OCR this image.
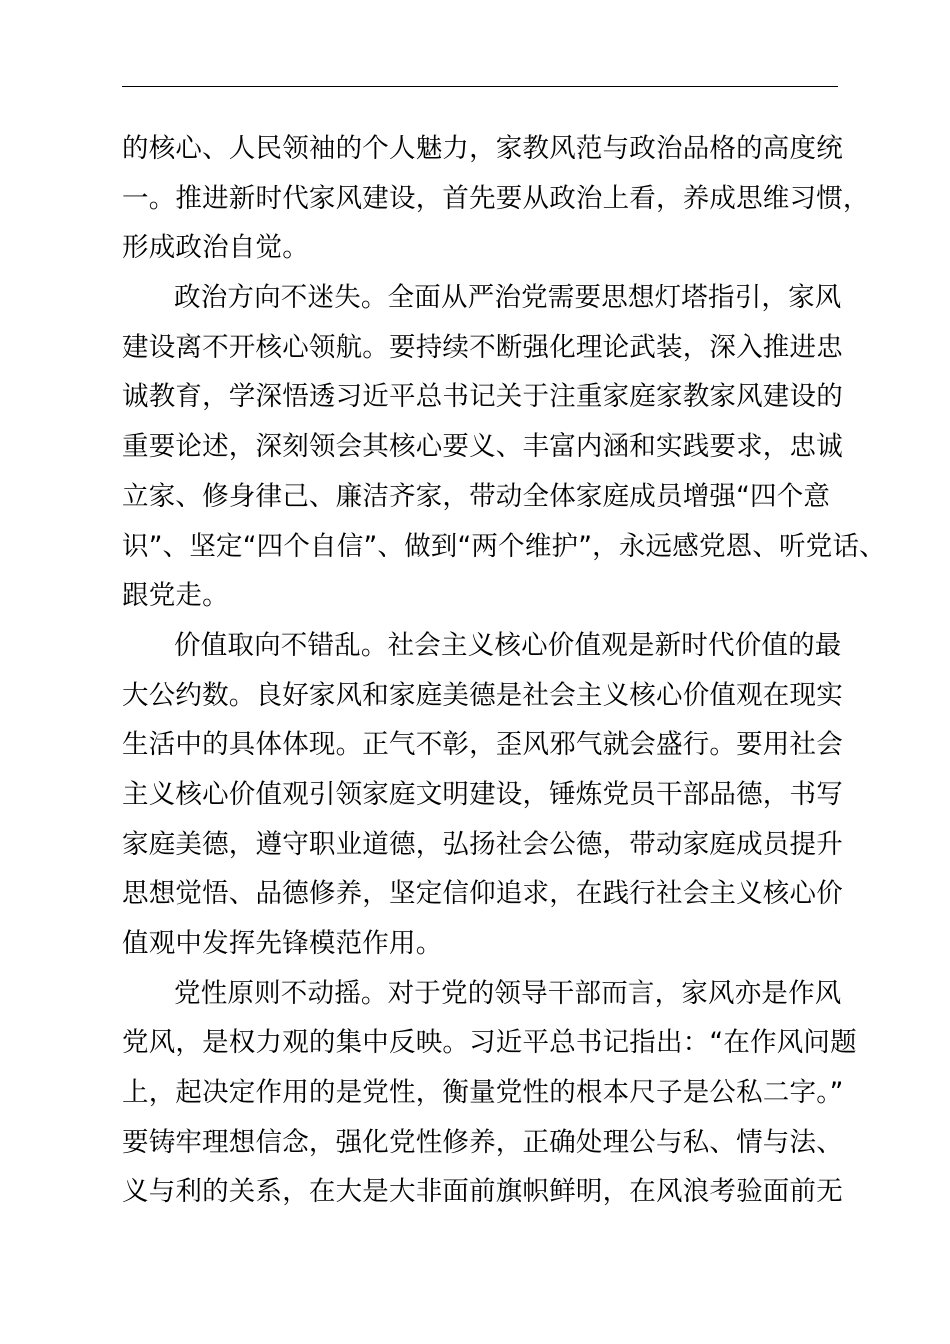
的核心、人民领袖的个人魅力，家教风范与政治品格的高度统
一。推进新时代家风建设，首先要从政治上看，养成思维习惯，
形成政治自觉。
政治方向不迷失。全面从严治党需要思想灯塔指引，家风
建设离不开核心领航。要持续不断强化理论武装，深入推进忠
诚教育，学深悟透习近平总书记关于注重家庭家教家风建设的
重要论述，深刻领会其核心要义、丰富内涵和实践要求，忠诚
立家、修身律己、廉洁齐家，带动全体家庭成员增强“四个意
识”、坚定“四个自信”、做到“两个维护”，永远感党恩、听党话、
跟党走。
价值取向不错乱。社会主义核心价值观是新时代价值的最
大公约数。良好家风和家庭美德是社会主义核心价值观在现实
生活中的具体体现。正气不彰，歪风邪气就会盛行。要用社会
主义核心价值观引领家庭文明建设，锤炼党员干部品德，书写
家庭美德，遵守职业道德，弘扬社会公德，带动家庭成员提升
思想觉悟、品德修养，坚定信仰追求，在践行社会主义核心价
值观中发挥先锋模范作用。
党性原则不动摇。对于党的领导干部而言，家风亦是作风
党风，是权力观的集中反映。习近平总书记指出：“在作风问题
上，起决定作用的是党性，衡量党性的根本尺子是公私二字。”
要铸牢理想信念，强化党性修养，正确处理公与私、情与法、
义与利的关系，在大是大非面前旗帜鲜明，在风浪考验面前无
